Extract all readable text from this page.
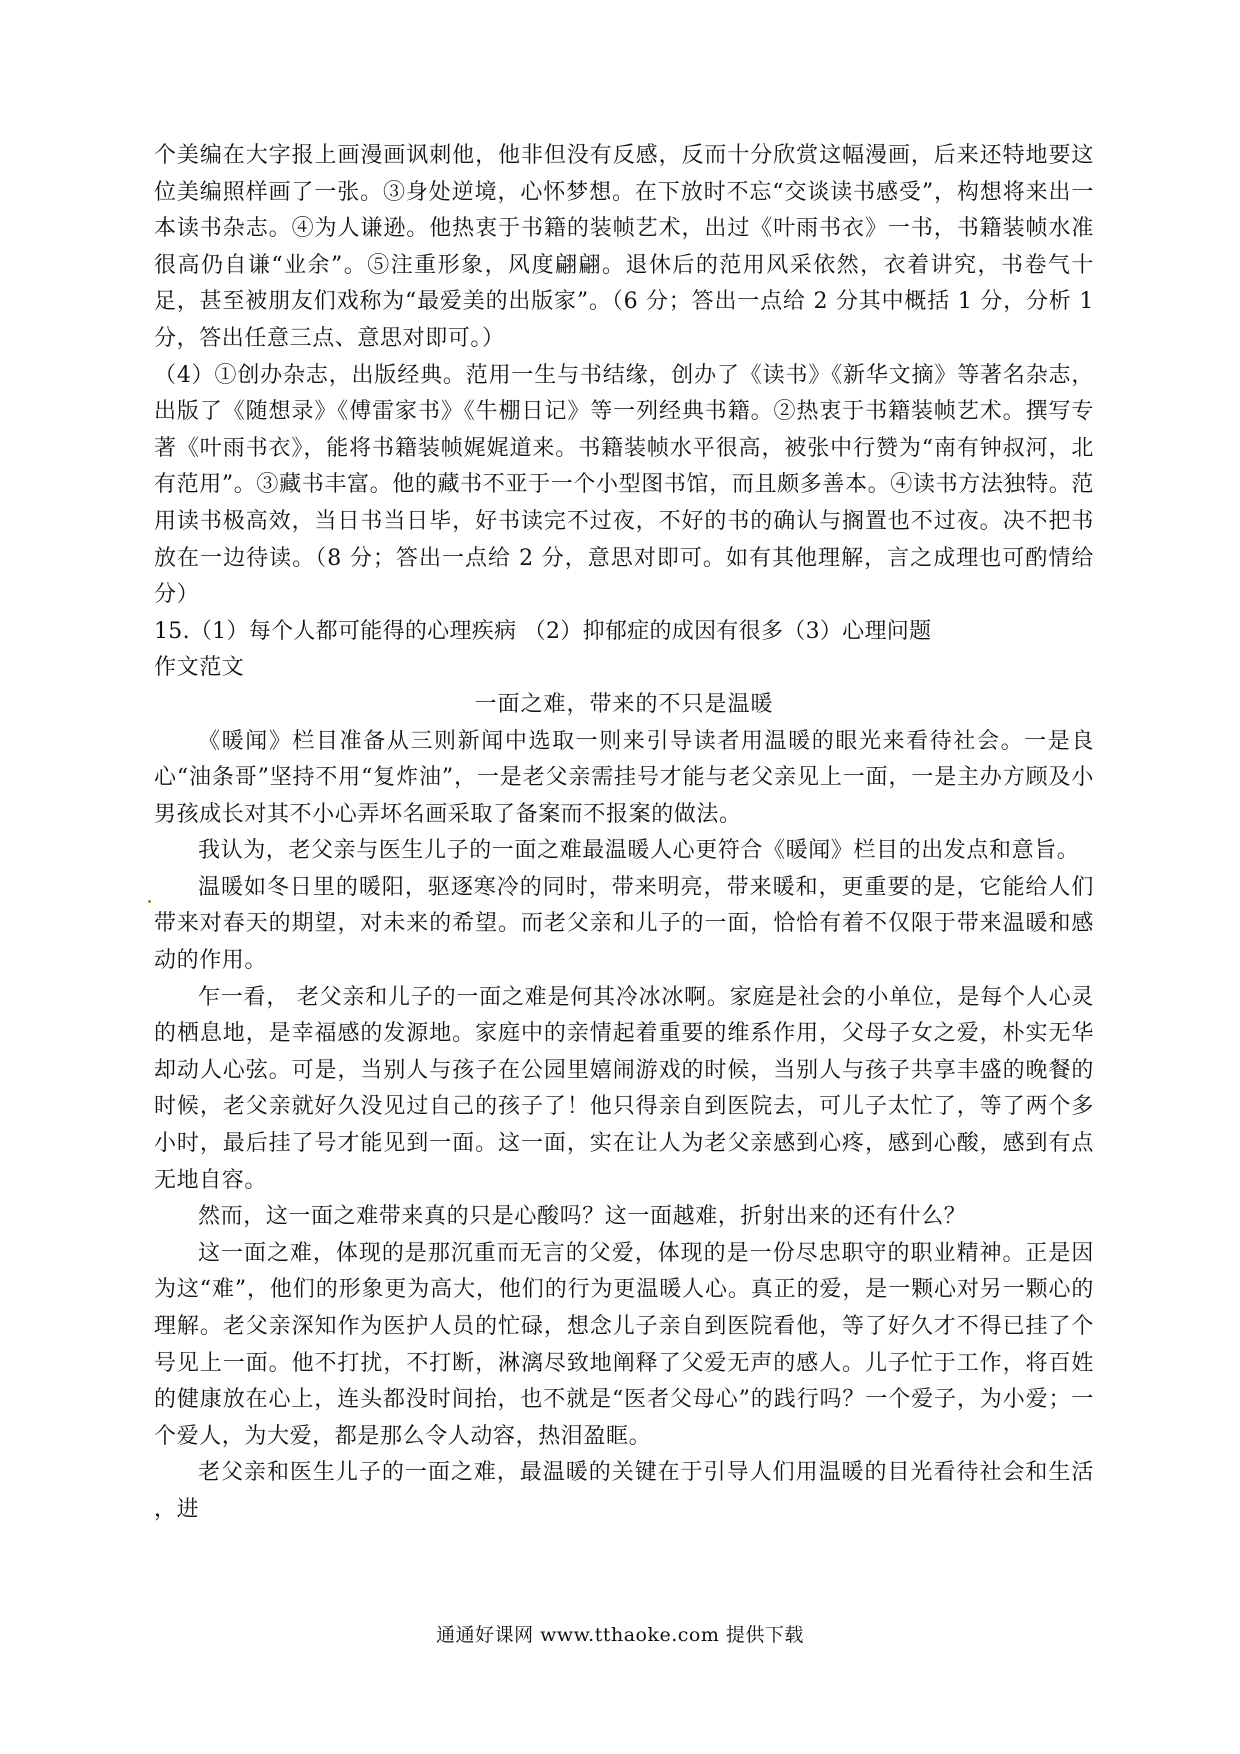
个美编在大字报上画漫画讽刺他，他非但没有反感，反而十分欣赏这幅漫画，后来还特地要这位美编照样画了一张。③身处逆境，心怀梦想。在下放时不忘“交谈读书感受”，构想将来出一本读书杂志。④为人谦逊。他热衷于书籍的装帧艺术，出过《叶雨书衣》一书，书籍装帧水准很高仍自谦“业余”。⑤注重形象，风度翩翩。退休后的范用风采依然，衣着讲究，书卷气十足，甚至被朋友们戏称为“最爱美的出版家”。（6 分；答出一点给 2 分其中概括 1 分，分析 1 分，答出任意三点、意思对即可。）

（4）①创办杂志，出版经典。范用一生与书结缘，创办了《读书》《新华文摘》等著名杂志，出版了《随想录》《傅雷家书》《牛棚日记》等一列经典书籍。②热衷于书籍装帧艺术。撰写专著《叶雨书衣》，能将书籍装帧娓娓道来。书籍装帧水平很高，被张中行赞为“南有钟叔河，北有范用”。③藏书丰富。他的藏书不亚于一个小型图书馆，而且颇多善本。④读书方法独特。范用读书极高效，当日书当日毕，好书读完不过夜，不好的书的确认与搁置也不过夜。决不把书放在一边待读。（8 分；答出一点给 2 分，意思对即可。如有其他理解，言之成理也可酌情给分）

15.（1）每个人都可能得的心理疾病 （2）抑郁症的成因有很多（3）心理问题

作文范文

一面之难，带来的不只是温暖

《暖闻》栏目准备从三则新闻中选取一则来引导读者用温暖的眼光来看待社会。一是良心“油条哥”坚持不用“复炸油”，一是老父亲需挂号才能与老父亲见上一面，一是主办方顾及小男孩成长对其不小心弄坏名画采取了备案而不报案的做法。

我认为，老父亲与医生儿子的一面之难最温暖人心更符合《暖闻》栏目的出发点和意旨。

温暖如冬日里的暖阳，驱逐寒冷的同时，带来明亮，带来暖和，更重要的是，它能给人们带来对春天的期望，对未来的希望。而老父亲和儿子的一面，恰恰有着不仅限于带来温暖和感动的作用。

乍一看， 老父亲和儿子的一面之难是何其冷冰冰啊。家庭是社会的小单位，是每个人心灵的栖息地，是幸福感的发源地。家庭中的亲情起着重要的维系作用，父母子女之爱，朴实无华却动人心弦。可是，当别人与孩子在公园里嬉闹游戏的时候，当别人与孩子共享丰盛的晚餐的时候，老父亲就好久没见过自己的孩子了！他只得亲自到医院去，可儿子太忙了，等了两个多小时，最后挂了号才能见到一面。这一面，实在让人为老父亲感到心疼，感到心酸，感到有点无地自容。

然而，这一面之难带来真的只是心酸吗？这一面越难，折射出来的还有什么？

这一面之难，体现的是那沉重而无言的父爱，体现的是一份尽忠职守的职业精神。正是因为这“难”，他们的形象更为高大，他们的行为更温暖人心。真正的爱，是一颗心对另一颗心的理解。老父亲深知作为医护人员的忙碌，想念儿子亲自到医院看他，等了好久才不得已挂了个号见上一面。他不打扰，不打断，淋漓尽致地阐释了父爱无声的感人。儿子忙于工作，将百姓的健康放在心上，连头都没时间抬，也不就是“医者父母心”的践行吗？一个爱子，为小爱；一个爱人，为大爱，都是那么令人动容，热泪盈眶。

老父亲和医生儿子的一面之难，最温暖的关键在于引导人们用温暖的目光看待社会和生活 ，进

通通好课网 www.tthaoke.com 提供下载
